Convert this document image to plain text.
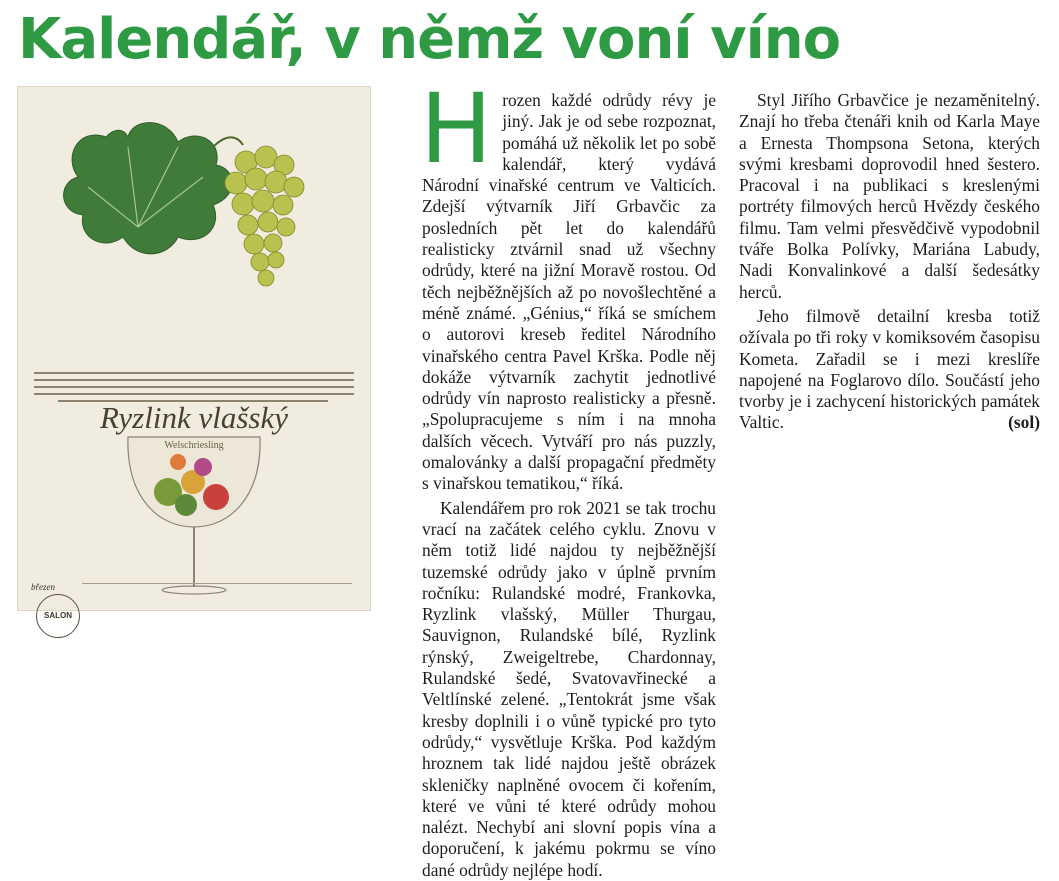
Kalendář, v němž voní víno
Ryzlink vlašský
Welschriesling
SALON
březen

H rozen každé odrůdy révy je jiný. Jak je od sebe rozpoznat, pomáhá už několik let po sobě kalendář, který vydává Národní vinařské centrum ve Valticích. Zdejší výtvarník Jiří Grbavčic za posledních pět let do kalendářů realisticky ztvárnil snad už všechny odrůdy, které na jižní Moravě rostou. Od těch nejběžnějších až po novošlechtěné a méně známé. „Génius,“ říká se smíchem o autorovi kreseb ředitel Národního vinařského centra Pavel Krška. Podle něj dokáže výtvarník zachytit jednotlivé odrůdy vín naprosto realisticky a přesně. „Spolupracujeme s ním i na mnoha dalších věcech. Vytváří pro nás puzzly, omalovánky a další propagační předměty s vinařskou tematikou,“ říká.

Kalendářem pro rok 2021 se tak trochu vrací na začátek celého cyklu. Znovu v něm totiž lidé najdou ty nejběžnější tuzemské odrůdy jako v úplně prvním ročníku: Rulandské modré, Frankovka, Ryzlink vlašský, Müller Thurgau, Sauvignon, Rulandské bílé, Ryzlink rýnský, Zweigeltrebe, Chardonnay, Rulandské šedé, Svatovavřinecké a Veltlínské zelené. „Tentokrát jsme však kresby doplnili i o vůně typické pro tyto odrůdy,“ vysvětluje Krška. Pod každým hroznem tak lidé najdou ještě obrázek skleničky naplněné ovocem či kořením, které ve vůni té které odrůdy mohou nalézt. Nechybí ani slovní popis vína a doporučení, k jakému pokrmu se víno dané odrůdy nejlépe hodí.

Styl Jiřího Grbavčice je nezaměnitelný. Znají ho třeba čtenáři knih od Karla Maye a Ernesta Thompsona Setona, kterých svými kresbami doprovodil hned šestero. Pracoval i na publikaci s kreslenými portréty filmových herců Hvězdy českého filmu. Tam velmi přesvědčivě vypodobnil tváře Bolka Polívky, Mariána Labudy, Nadi Konvalinkové a další šedesátky herců.

Jeho filmově detailní kresba totiž ožívala po tři roky v komiksovém časopisu Kometa. Zařadil se i mezi kreslíře napojené na Foglarovo dílo. Součástí jeho tvorby je i zachycení historických památek Valtic.	(sol)
